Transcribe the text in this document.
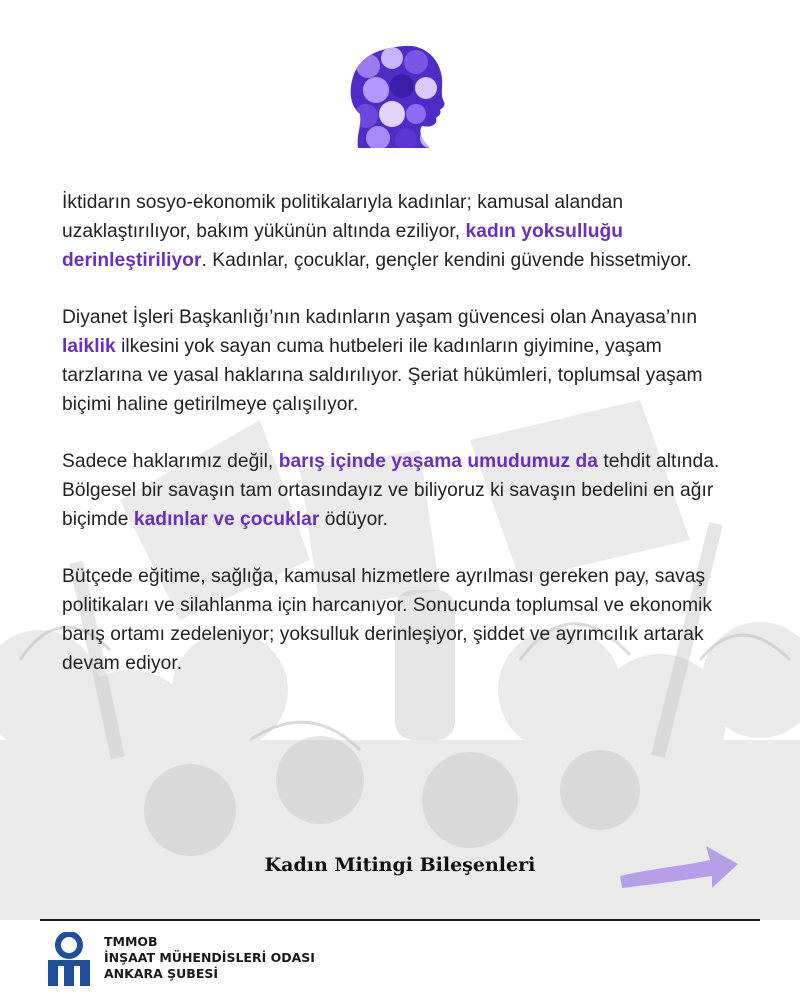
İktidarın sosyo-ekonomik politikalarıyla kadınlar; kamusal alandan uzaklaştırılıyor, bakım yükünün altında eziliyor, kadın yoksulluğu derinleştiriliyor. Kadınlar, çocuklar, gençler kendini güvende hissetmiyor.

Diyanet İşleri Başkanlığı’nın kadınların yaşam güvencesi olan Anayasa’nın laiklik ilkesini yok sayan cuma hutbeleri ile kadınların giyimine, yaşam tarzlarına ve yasal haklarına saldırılıyor. Şeriat hükümleri, toplumsal yaşam biçimi haline getirilmeye çalışılıyor.

Sadece haklarımız değil, barış içinde yaşama umudumuz da tehdit altında. Bölgesel bir savaşın tam ortasındayız ve biliyoruz ki savaşın bedelini en ağır biçimde kadınlar ve çocuklar ödüyor.

Bütçede eğitime, sağlığa, kamusal hizmetlere ayrılması gereken pay, savaş politikaları ve silahlanma için harcanıyor. Sonucunda toplumsal ve ekonomik barış ortamı zedeleniyor; yoksulluk derinleşiyor, şiddet ve ayrımcılık artarak devam ediyor.

Kadın Mitingi Bileşenleri
TMMOB
İNŞAAT MÜHENDİSLERİ ODASI
ANKARA ŞUBESİ
